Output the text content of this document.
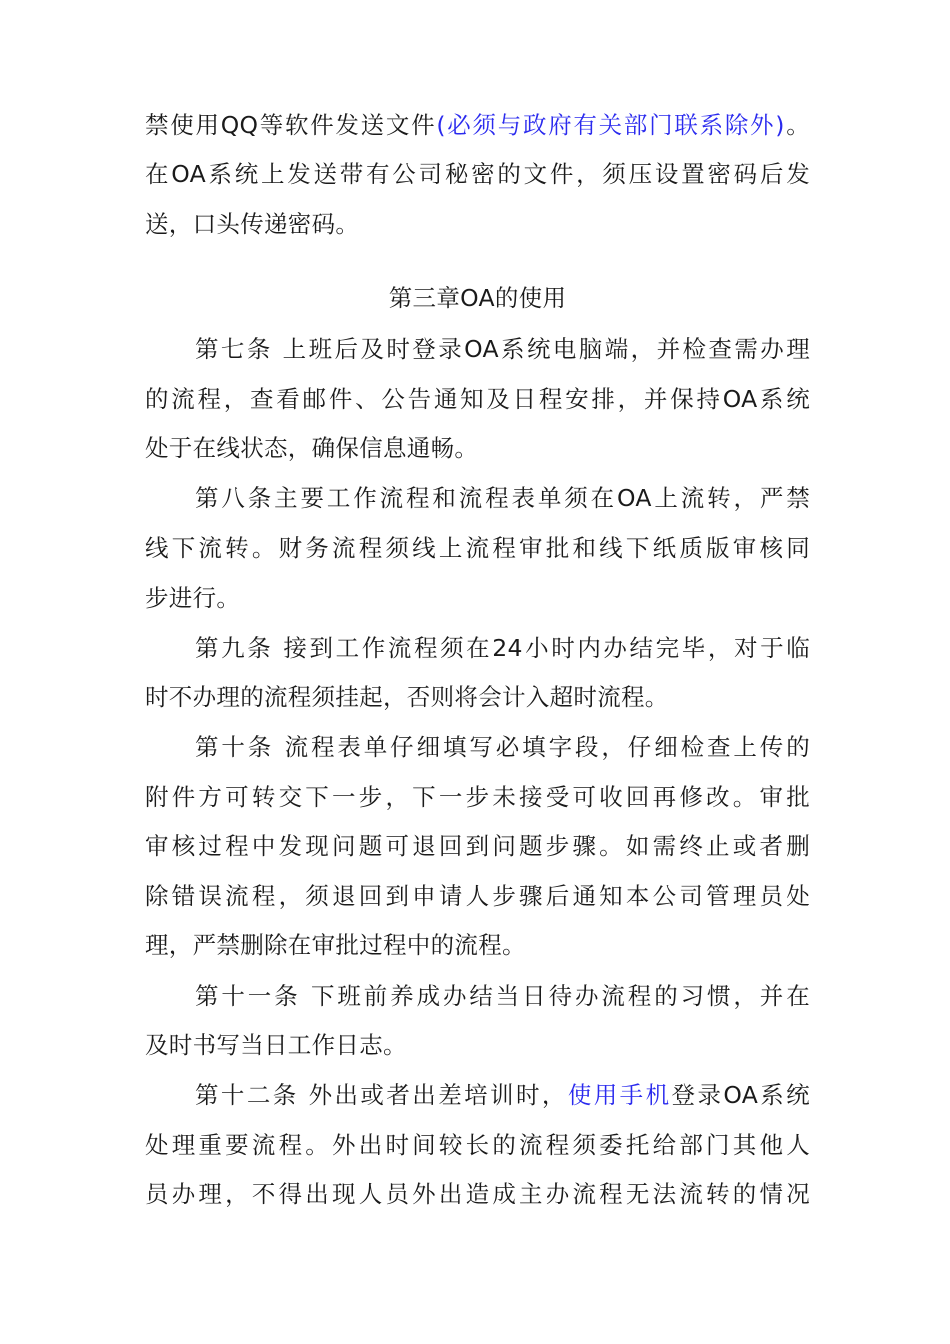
禁使用QQ等软件发送文件(必须与政府有关部门联系除外)。
在OA系统上发送带有公司秘密的文件，须压设置密码后发
送，口头传递密码。
第三章OA的使用
第七条 上班后及时登录OA系统电脑端，并检查需办理
的流程，查看邮件、公告通知及日程安排，并保持OA系统
处于在线状态，确保信息通畅。
第八条主要工作流程和流程表单须在OA上流转，严禁
线下流转。财务流程须线上流程审批和线下纸质版审核同
步进行。
第九条 接到工作流程须在24小时内办结完毕，对于临
时不办理的流程须挂起，否则将会计入超时流程。
第十条 流程表单仔细填写必填字段，仔细检查上传的
附件方可转交下一步，下一步未接受可收回再修改。审批
审核过程中发现问题可退回到问题步骤。如需终止或者删
除错误流程，须退回到申请人步骤后通知本公司管理员处
理，严禁删除在审批过程中的流程。
第十一条 下班前养成办结当日待办流程的习惯，并在
及时书写当日工作日志。
第十二条 外出或者出差培训时，使用手机登录OA系统
处理重要流程。外出时间较长的流程须委托给部门其他人
员办理，不得出现人员外出造成主办流程无法流转的情况
